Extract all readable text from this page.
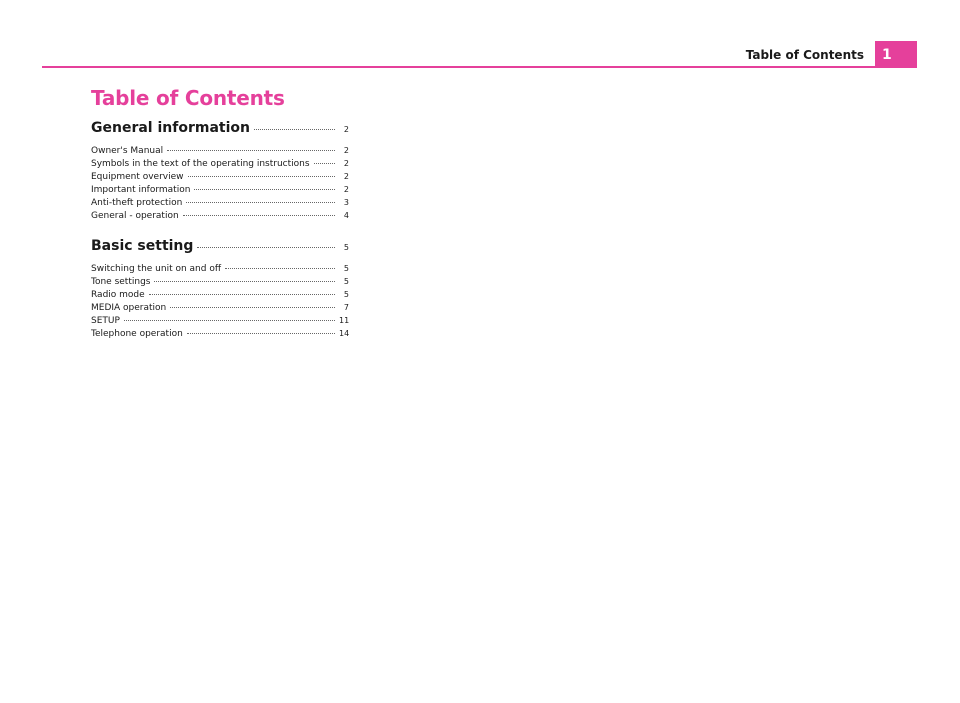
Table of Contents	1
Table of Contents
General information	2
Owner's Manual	2
Symbols in the text of the operating instructions	2
Equipment overview	2
Important information	2
Anti-theft protection	3
General - operation	4
Basic setting	5
Switching the unit on and off	5
Tone settings	5
Radio mode	5
MEDIA operation	7
SETUP	11
Telephone operation	14
